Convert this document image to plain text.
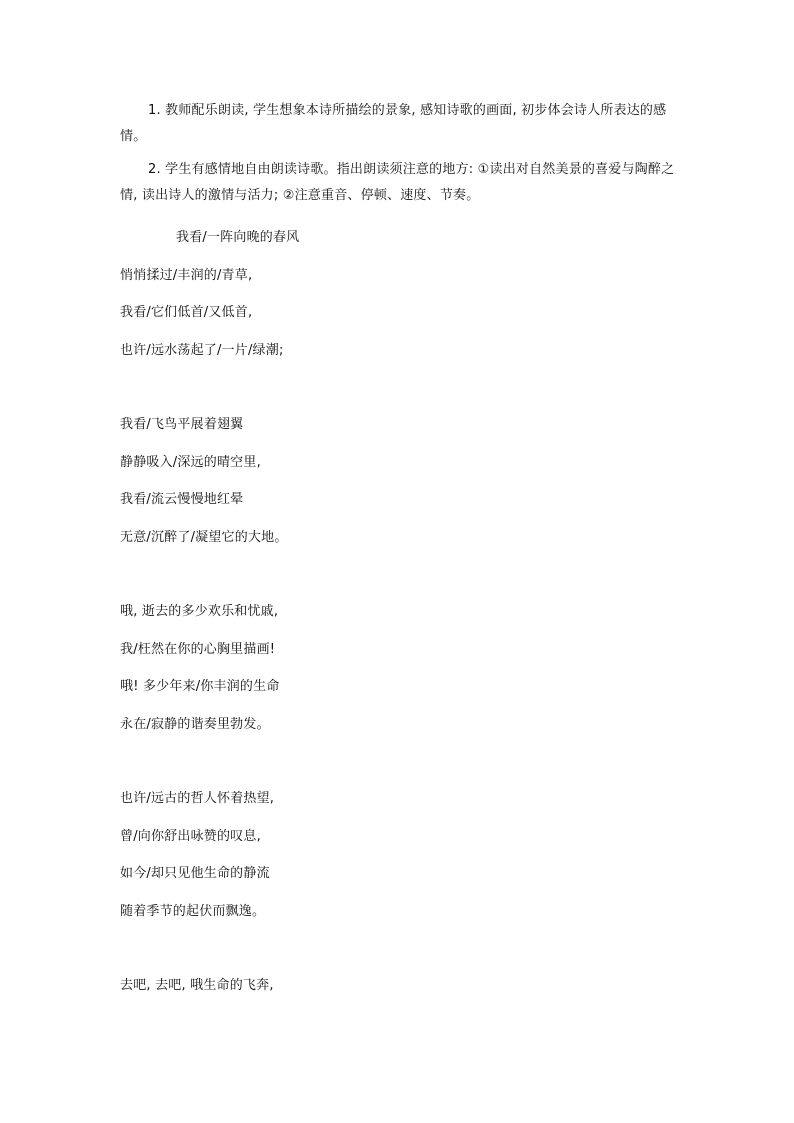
1. 教师配乐朗读, 学生想象本诗所描绘的景象, 感知诗歌的画面, 初步体会诗人所表达的感情。

2. 学生有感情地自由朗读诗歌。指出朗读须注意的地方: ①读出对自然美景的喜爱与陶醉之情, 读出诗人的激情与活力; ②注意重音、停顿、速度、节奏。

我看/一阵向晚的春风

悄悄揉过/丰润的/青草,

我看/它们低首/又低首,

也许/远水荡起了/一片/绿潮;

我看/飞鸟平展着翅翼

静静吸入/深远的晴空里,

我看/流云慢慢地红晕

无意/沉醉了/凝望它的大地。

哦, 逝去的多少欢乐和忧戚,

我/枉然在你的心胸里描画!

哦! 多少年来/你丰润的生命

永在/寂静的谐奏里勃发。

也许/远古的哲人怀着热望,

曾/向你舒出咏赞的叹息,

如今/却只见他生命的静流

随着季节的起伏而飘逸。

去吧, 去吧, 哦生命的飞奔,
